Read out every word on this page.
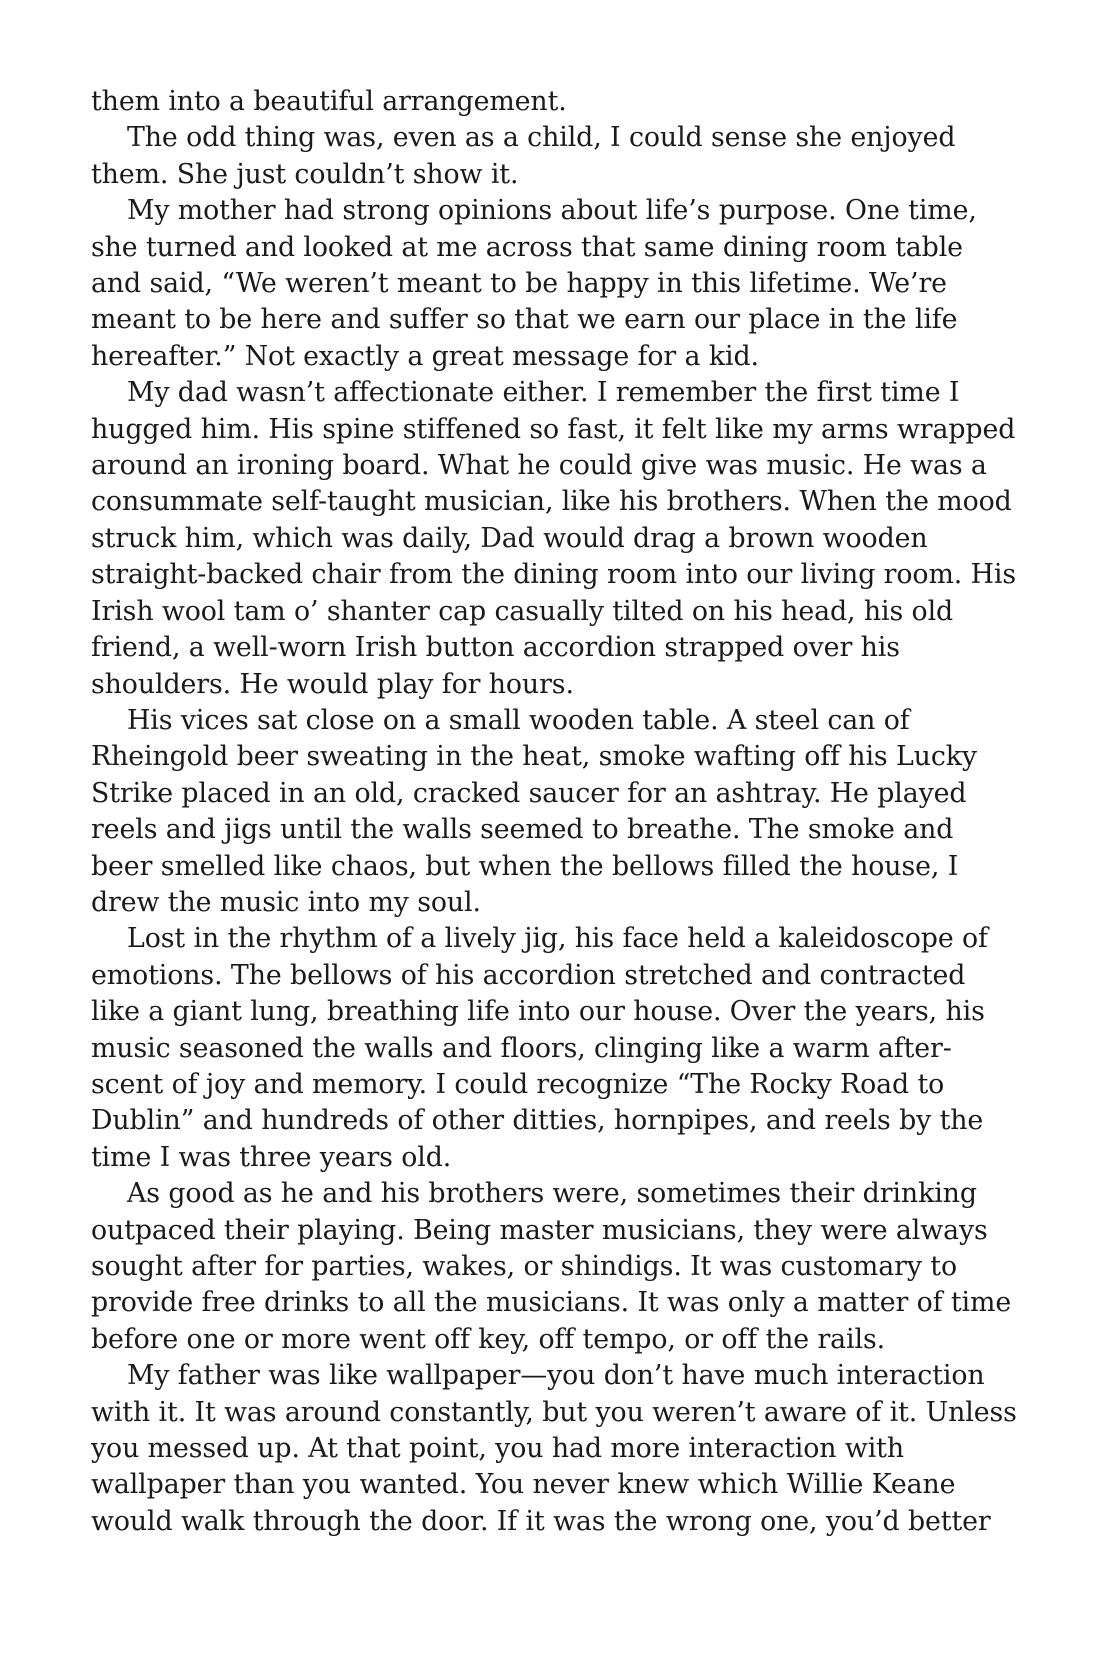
them into a beautiful arrangement.

The odd thing was, even as a child, I could sense she enjoyed them. She just couldn’t show it.

My mother had strong opinions about life’s purpose. One time, she turned and looked at me across that same dining room table and said, “We weren’t meant to be happy in this lifetime. We’re meant to be here and suffer so that we earn our place in the life hereafter.” Not exactly a great message for a kid.

My dad wasn’t affectionate either. I remember the first time I hugged him. His spine stiffened so fast, it felt like my arms wrapped around an ironing board. What he could give was music. He was a consummate self-taught musician, like his brothers. When the mood struck him, which was daily, Dad would drag a brown wooden straight-backed chair from the dining room into our living room. His Irish wool tam o’ shanter cap casually tilted on his head, his old friend, a well-worn Irish button accordion strapped over his shoulders. He would play for hours.

His vices sat close on a small wooden table. A steel can of Rheingold beer sweating in the heat, smoke wafting off his Lucky Strike placed in an old, cracked saucer for an ashtray. He played reels and jigs until the walls seemed to breathe. The smoke and beer smelled like chaos, but when the bellows filled the house, I drew the music into my soul.

Lost in the rhythm of a lively jig, his face held a kaleidoscope of emotions. The bellows of his accordion stretched and contracted like a giant lung, breathing life into our house. Over the years, his music seasoned the walls and floors, clinging like a warm after-scent of joy and memory. I could recognize “The Rocky Road to Dublin” and hundreds of other ditties, hornpipes, and reels by the time I was three years old.

As good as he and his brothers were, sometimes their drinking outpaced their playing. Being master musicians, they were always sought after for parties, wakes, or shindigs. It was customary to provide free drinks to all the musicians. It was only a matter of time before one or more went off key, off tempo, or off the rails.

My father was like wallpaper—you don’t have much interaction with it. It was around constantly, but you weren’t aware of it. Unless you messed up. At that point, you had more interaction with wallpaper than you wanted. You never knew which Willie Keane would walk through the door. If it was the wrong one, you’d better
